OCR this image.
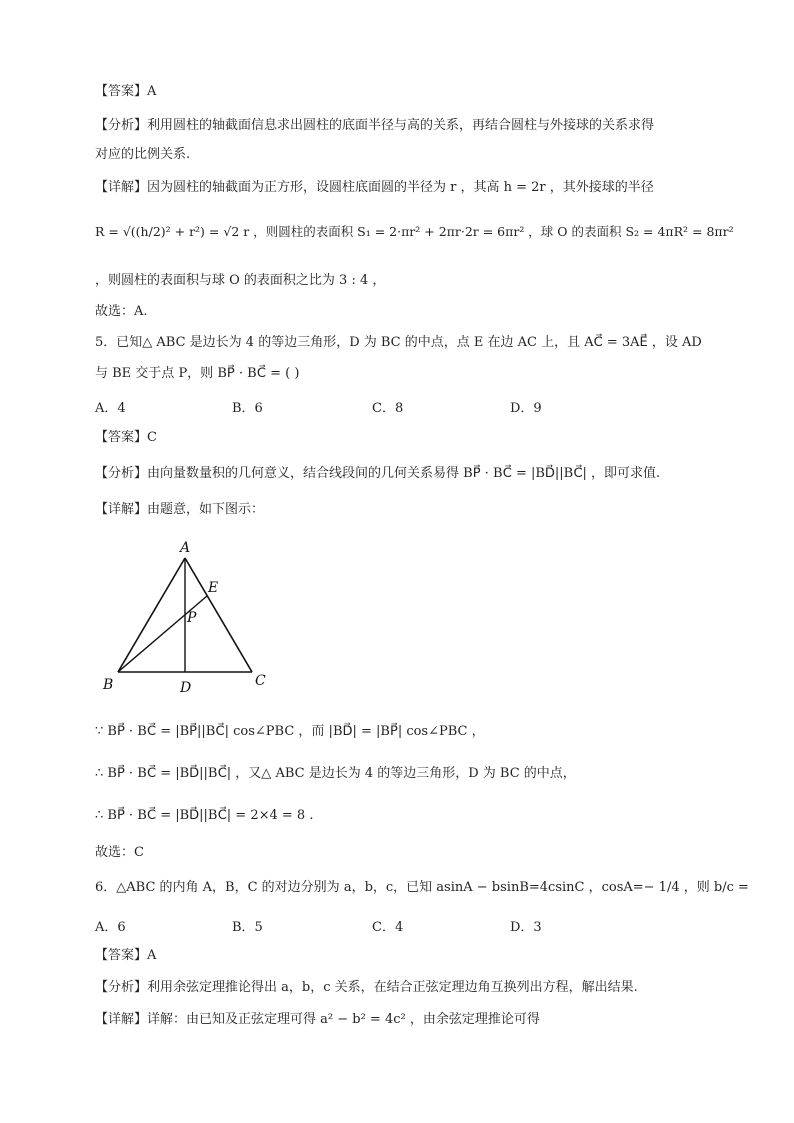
【答案】A
【分析】利用圆柱的轴截面信息求出圆柱的底面半径与高的关系，再结合圆柱与外接球的关系求得
对应的比例关系.
【详解】因为圆柱的轴截面为正方形，设圆柱底面圆的半径为 r ，其高 h = 2r ，其外接球的半径
R = √((h/2)² + r²) = √2 r ，则圆柱的表面积 S₁ = 2·πr² + 2πr·2r = 6πr² ，球 O 的表面积 S₂ = 4πR² = 8πr²
，则圆柱的表面积与球 O 的表面积之比为 3 : 4 ，
故选：A.
5．已知△ ABC 是边长为 4 的等边三角形，D 为 BC 的中点，点 E 在边 AC 上，且 AC⃗ = 3AE⃗ ，设 AD
与 BE 交于点 P，则 BP⃗ · BC⃗ = ( )
A．4	B．6	C．8	D．9
【答案】C
【分析】由向量数量积的几何意义，结合线段间的几何关系易得 BP⃗ · BC⃗ = |BD⃗||BC⃗| ，即可求值.
【详解】由题意，如下图示：
A
B	C
D
E
P
∵ BP⃗ · BC⃗ = |BP⃗||BC⃗| cos∠PBC ，而 |BD⃗| = |BP⃗| cos∠PBC ，
∴ BP⃗ · BC⃗ = |BD⃗||BC⃗| ，又△ ABC 是边长为 4 的等边三角形，D 为 BC 的中点，
∴ BP⃗ · BC⃗ = |BD⃗||BC⃗| = 2×4 = 8 .
故选：C
6．△ABC 的内角 A，B，C 的对边分别为 a，b，c，已知 asinA − bsinB=4csinC ，cosA=− 1/4 ，则 b/c =
A．6	B．5	C．4	D．3
【答案】A
【分析】利用余弦定理推论得出 a，b，c 关系，在结合正弦定理边角互换列出方程，解出结果.
【详解】详解：由已知及正弦定理可得 a² − b² = 4c² ，由余弦定理推论可得
